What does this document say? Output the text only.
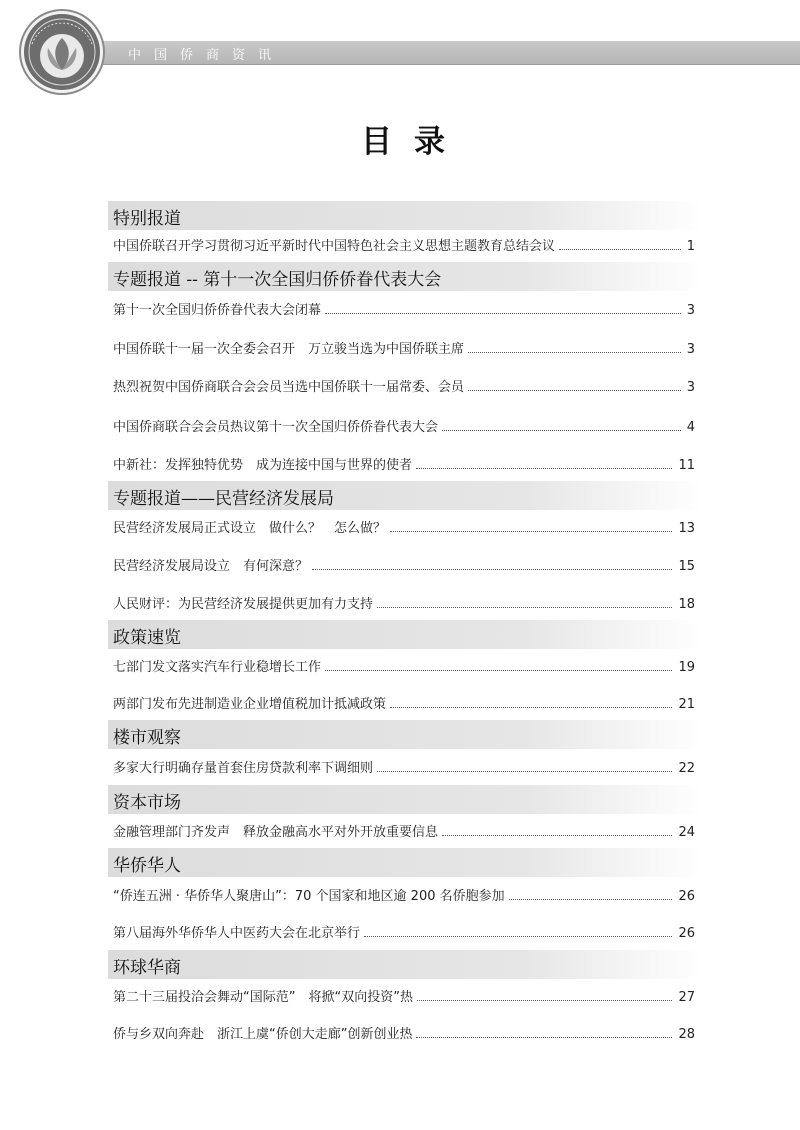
中国侨商资讯
目录
特别报道
中国侨联召开学习贯彻习近平新时代中国特色社会主义思想主题教育总结会议	1
专题报道 -- 第十一次全国归侨侨眷代表大会
第十一次全国归侨侨眷代表大会闭幕	3
中国侨联十一届一次全委会召开　万立骏当选为中国侨联主席	3
热烈祝贺中国侨商联合会会员当选中国侨联十一届常委、会员	3
中国侨商联合会会员热议第十一次全国归侨侨眷代表大会	4
中新社：发挥独特优势　成为连接中国与世界的使者	11
专题报道——民营经济发展局
民营经济发展局正式设立　做什么？　怎么做？	13
民营经济发展局设立　有何深意？	15
人民财评：为民营经济发展提供更加有力支持	18
政策速览
七部门发文落实汽车行业稳增长工作	19
两部门发布先进制造业企业增值税加计抵减政策	21
楼市观察
多家大行明确存量首套住房贷款利率下调细则	22
资本市场
金融管理部门齐发声　释放金融高水平对外开放重要信息	24
华侨华人
“侨连五洲 · 华侨华人聚唐山”：70 个国家和地区逾 200 名侨胞参加	26
第八届海外华侨华人中医药大会在北京举行	26
环球华商
第二十三届投洽会舞动“国际范”　将掀“双向投资”热	27
侨与乡双向奔赴　浙江上虞“侨创大走廊”创新创业热	28
